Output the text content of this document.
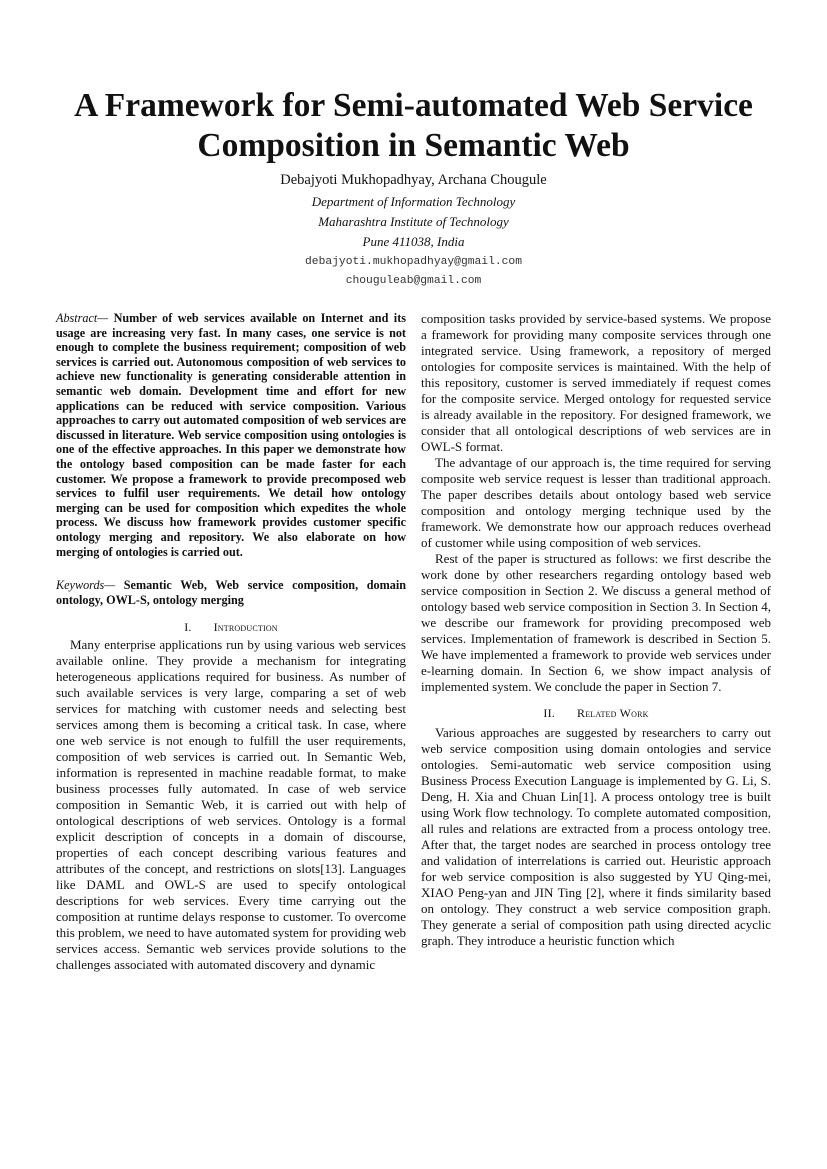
A Framework for Semi-automated Web Service Composition in Semantic Web
Debajyoti Mukhopadhyay, Archana Chougule
Department of Information Technology
Maharashtra Institute of Technology
Pune 411038, India
debajyoti.mukhopadhyay@gmail.com
chouguleab@gmail.com

Abstract— Number of web services available on Internet and its usage are increasing very fast. In many cases, one service is not enough to complete the business requirement; composition of web services is carried out. Autonomous composition of web services to achieve new functionality is generating considerable attention in semantic web domain. Development time and effort for new applications can be reduced with service composition. Various approaches to carry out automated composition of web services are discussed in literature. Web service composition using ontologies is one of the effective approaches. In this paper we demonstrate how the ontology based composition can be made faster for each customer. We propose a framework to provide precomposed web services to fulfil user requirements. We detail how ontology merging can be used for composition which expedites the whole process. We discuss how framework provides customer specific ontology merging and repository. We also elaborate on how merging of ontologies is carried out.

Keywords— Semantic Web, Web service composition, domain ontology, OWL-S, ontology merging

I. Introduction

Many enterprise applications run by using various web services available online. They provide a mechanism for integrating heterogeneous applications required for business. As number of such available services is very large, comparing a set of web services for matching with customer needs and selecting best services among them is becoming a critical task. In case, where one web service is not enough to fulfill the user requirements, composition of web services is carried out. In Semantic Web, information is represented in machine readable format, to make business processes fully automated. In case of web service composition in Semantic Web, it is carried out with help of ontological descriptions of web services. Ontology is a formal explicit description of concepts in a domain of discourse, properties of each concept describing various features and attributes of the concept, and restrictions on slots[13]. Languages like DAML and OWL-S are used to specify ontological descriptions for web services. Every time carrying out the composition at runtime delays response to customer. To overcome this problem, we need to have automated system for providing web services access. Semantic web services provide solutions to the challenges associated with automated discovery and dynamic

composition tasks provided by service-based systems. We propose a framework for providing many composite services through one integrated service. Using framework, a repository of merged ontologies for composite services is maintained. With the help of this repository, customer is served immediately if request comes for the composite service. Merged ontology for requested service is already available in the repository. For designed framework, we consider that all ontological descriptions of web services are in OWL-S format.

The advantage of our approach is, the time required for serving composite web service request is lesser than traditional approach. The paper describes details about ontology based web service composition and ontology merging technique used by the framework. We demonstrate how our approach reduces overhead of customer while using composition of web services.

Rest of the paper is structured as follows: we first describe the work done by other researchers regarding ontology based web service composition in Section 2. We discuss a general method of ontology based web service composition in Section 3. In Section 4, we describe our framework for providing precomposed web services. Implementation of framework is described in Section 5. We have implemented a framework to provide web services under e-learning domain. In Section 6, we show impact analysis of implemented system. We conclude the paper in Section 7.

II. Related Work

Various approaches are suggested by researchers to carry out web service composition using domain ontologies and service ontologies. Semi-automatic web service composition using Business Process Execution Language is implemented by G. Li, S. Deng, H. Xia and Chuan Lin[1]. A process ontology tree is built using Work flow technology. To complete automated composition, all rules and relations are extracted from a process ontology tree. After that, the target nodes are searched in process ontology tree and validation of interrelations is carried out. Heuristic approach for web service composition is also suggested by YU Qing-mei, XIAO Peng-yan and JIN Ting [2], where it finds similarity based on ontology. They construct a web service composition graph. They generate a serial of composition path using directed acyclic graph. They introduce a heuristic function which
